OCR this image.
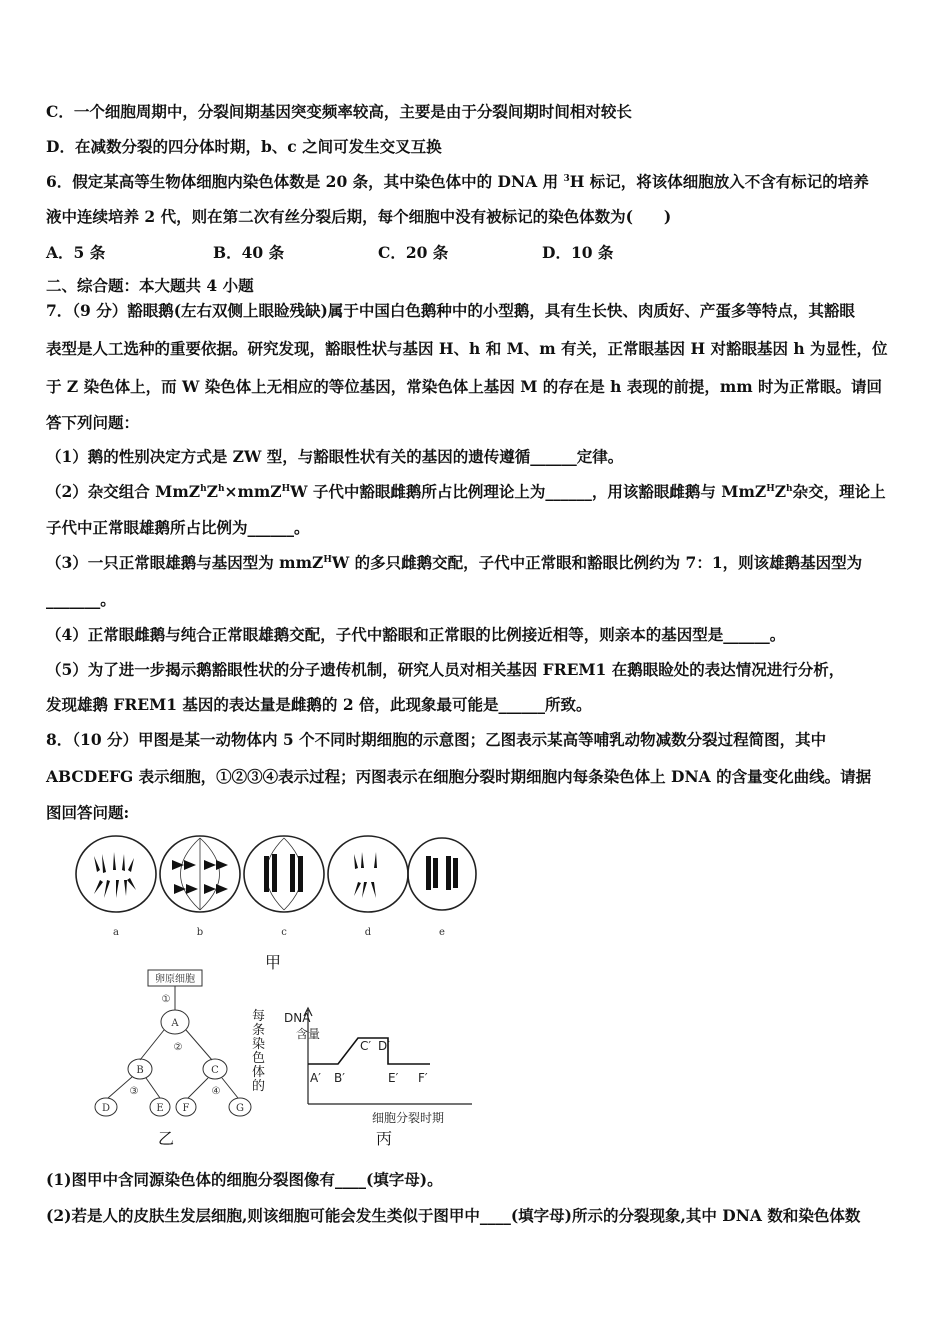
C．一个细胞周期中，分裂间期基因突变频率较高，主要是由于分裂间期时间相对较长
D．在减数分裂的四分体时期，b、c 之间可发生交叉互换
6．假定某高等生物体细胞内染色体数是 20 条，其中染色体中的 DNA 用 $^3$H 标记，将该体细胞放入不含有标记的培养
液中连续培养 2 代，则在第二次有丝分裂后期，每个细胞中没有被标记的染色体数为(　　)
A．5 条	B．40 条	C．20 条	D．10 条
二、综合题：本大题共 4 小题
7．（9 分）豁眼鹅(左右双侧上眼睑残缺)属于中国白色鹅种中的小型鹅，具有生长快、肉质好、产蛋多等特点，其豁眼
表型是人工选种的重要依据。研究发现，豁眼性状与基因 H、h 和 M、m 有关，正常眼基因 H 对豁眼基因 h 为显性，位
于 Z 染色体上，而 W 染色体上无相应的等位基因，常染色体上基因 M 的存在是 h 表现的前提，mm 时为正常眼。请回
答下列问题：
（1）鹅的性别决定方式是 ZW 型，与豁眼性状有关的基因的遗传遵循______定律。
（2）杂交组合 $MmZ^hZ^h\times mmZ^HW$ 子代中豁眼雌鹅所占比例理论上为______，用该豁眼雌鹅与 $MmZ^HZ^h$杂交，理论上
子代中正常眼雄鹅所占比例为______。
（3）一只正常眼雄鹅与基因型为 mmZ$^H$W 的多只雌鹅交配，子代中正常眼和豁眼比例约为 7：1，则该雄鹅基因型为
_______。
（4）正常眼雌鹅与纯合正常眼雄鹅交配，子代中豁眼和正常眼的比例接近相等，则亲本的基因型是______。
（5）为了进一步揭示鹅豁眼性状的分子遗传机制，研究人员对相关基因 FREM1 在鹅眼睑处的表达情况进行分析，
发现雄鹅 FREM1 基因的表达量是雌鹅的 2 倍，此现象最可能是______所致。
8．（10 分）甲图是某一动物体内 5 个不同时期细胞的示意图；乙图表示某高等哺乳动物减数分裂过程简图，其中
ABCDEFG 表示细胞，①②③④表示过程；丙图表示在细胞分裂时期细胞内每条染色体上 DNA 的含量变化曲线。请据
图回答问题:
a	b	c	d	e
甲
卵原细胞
①
A
②
B	C
③	④
D	E F	G
乙
每条染色体的
DNA
含量
A′ B′
C′ D′
E′ F′
细胞分裂时期
丙
(1)图甲中含同源染色体的细胞分裂图像有____(填字母)。
(2)若是人的皮肤生发层细胞,则该细胞可能会发生类似于图甲中____(填字母)所示的分裂现象,其中 DNA 数和染色体数
